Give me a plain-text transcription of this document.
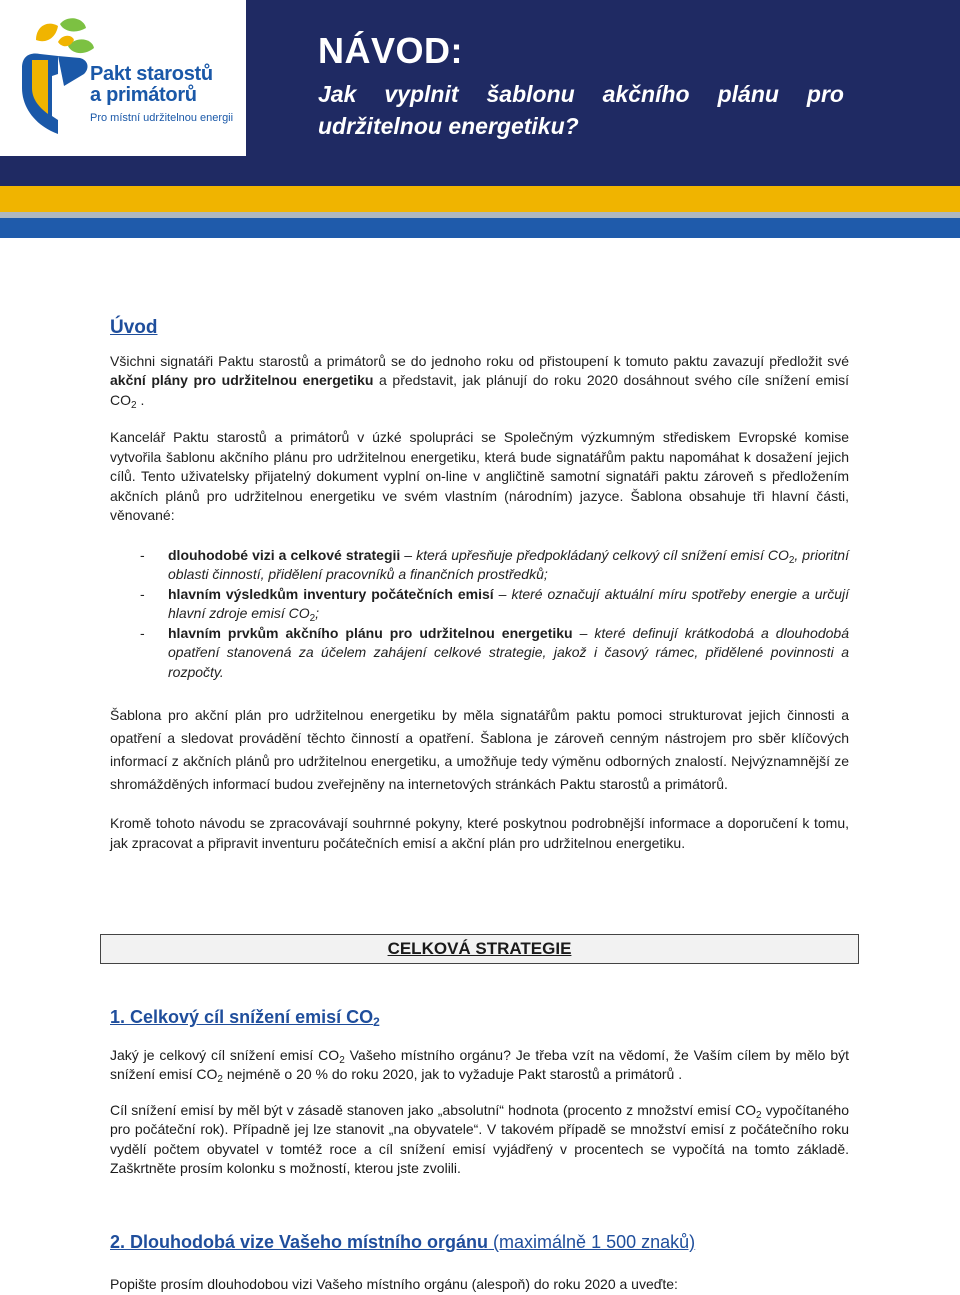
Pakt starostů
a primátorů
Pro místní udržitelnou energii
NÁVOD:
Jak vyplnit šablonu akčního plánu pro
udržitelnou energetiku?
Úvod

Všichni signatáři Paktu starostů a primátorů se do jednoho roku od přistoupení k tomuto paktu zavazují předložit své akční plány pro udržitelnou energetiku a představit, jak plánují do roku 2020 dosáhnout svého cíle snížení emisí $CO_2$ .

Kancelář Paktu starostů a primátorů v úzké spolupráci se Společným výzkumným střediskem Evropské komise vytvořila šablonu akčního plánu pro udržitelnou energetiku, která bude signatářům paktu napomáhat k dosažení jejich cílů. Tento uživatelsky přijatelný dokument vyplní on-line v angličtině samotní signatáři paktu zároveň s předložením akčních plánů pro udržitelnou energetiku ve svém vlastním (národním) jazyce. Šablona obsahuje tři hlavní části, věnované:

- dlouhodobé vizi a celkové strategii – která upřesňuje předpokládaný celkový cíl snížení emisí $CO_2$, prioritní oblasti činností, přidělení pracovníků a finančních prostředků;
- hlavním výsledkům inventury počátečních emisí – které označují aktuální míru spotřeby energie a určují hlavní zdroje emisí $CO_2$;
- hlavním prvkům akčního plánu pro udržitelnou energetiku – které definují krátkodobá a dlouhodobá opatření stanovená za účelem zahájení celkové strategie, jakož i časový rámec, přidělené povinnosti a rozpočty.

Šablona pro akční plán pro udržitelnou energetiku by měla signatářům paktu pomoci strukturovat jejich činnosti a opatření a sledovat provádění těchto činností a opatření. Šablona je zároveň cenným nástrojem pro sběr klíčových informací z akčních plánů pro udržitelnou energetiku, a umožňuje tedy výměnu odborných znalostí. Nejvýznamnější ze shromážděných informací budou zveřejněny na internetových stránkách Paktu starostů a primátorů.

Kromě tohoto návodu se zpracovávají souhrnné pokyny, které poskytnou podrobnější informace a doporučení k tomu, jak zpracovat a připravit inventuru počátečních emisí a akční plán pro udržitelnou energetiku.

CELKOVÁ STRATEGIE
1. Celkový cíl snížení emisí $CO_2$

Jaký je celkový cíl snížení emisí $CO_2$ Vašeho místního orgánu? Je třeba vzít na vědomí, že Vaším cílem by mělo být snížení emisí $CO_2$ nejméně o 20 % do roku 2020, jak to vyžaduje Pakt starostů a primátorů .

Cíl snížení emisí by měl být v zásadě stanoven jako „absolutní“ hodnota (procento z množství emisí $CO_2$ vypočítaného pro počáteční rok). Případně jej lze stanovit „na obyvatele“. V takovém případě se množství emisí z počátečního roku vydělí počtem obyvatel v tomtéž roce a cíl snížení emisí vyjádřený v procentech se vypočítá na tomto základě. Zaškrtněte prosím kolonku s možností, kterou jste zvolili.

2. Dlouhodobá vize Vašeho místního orgánu (maximálně 1 500 znaků)

Popište prosím dlouhodobou vizi Vašeho místního orgánu (alespoň) do roku 2020 a uveďte:
